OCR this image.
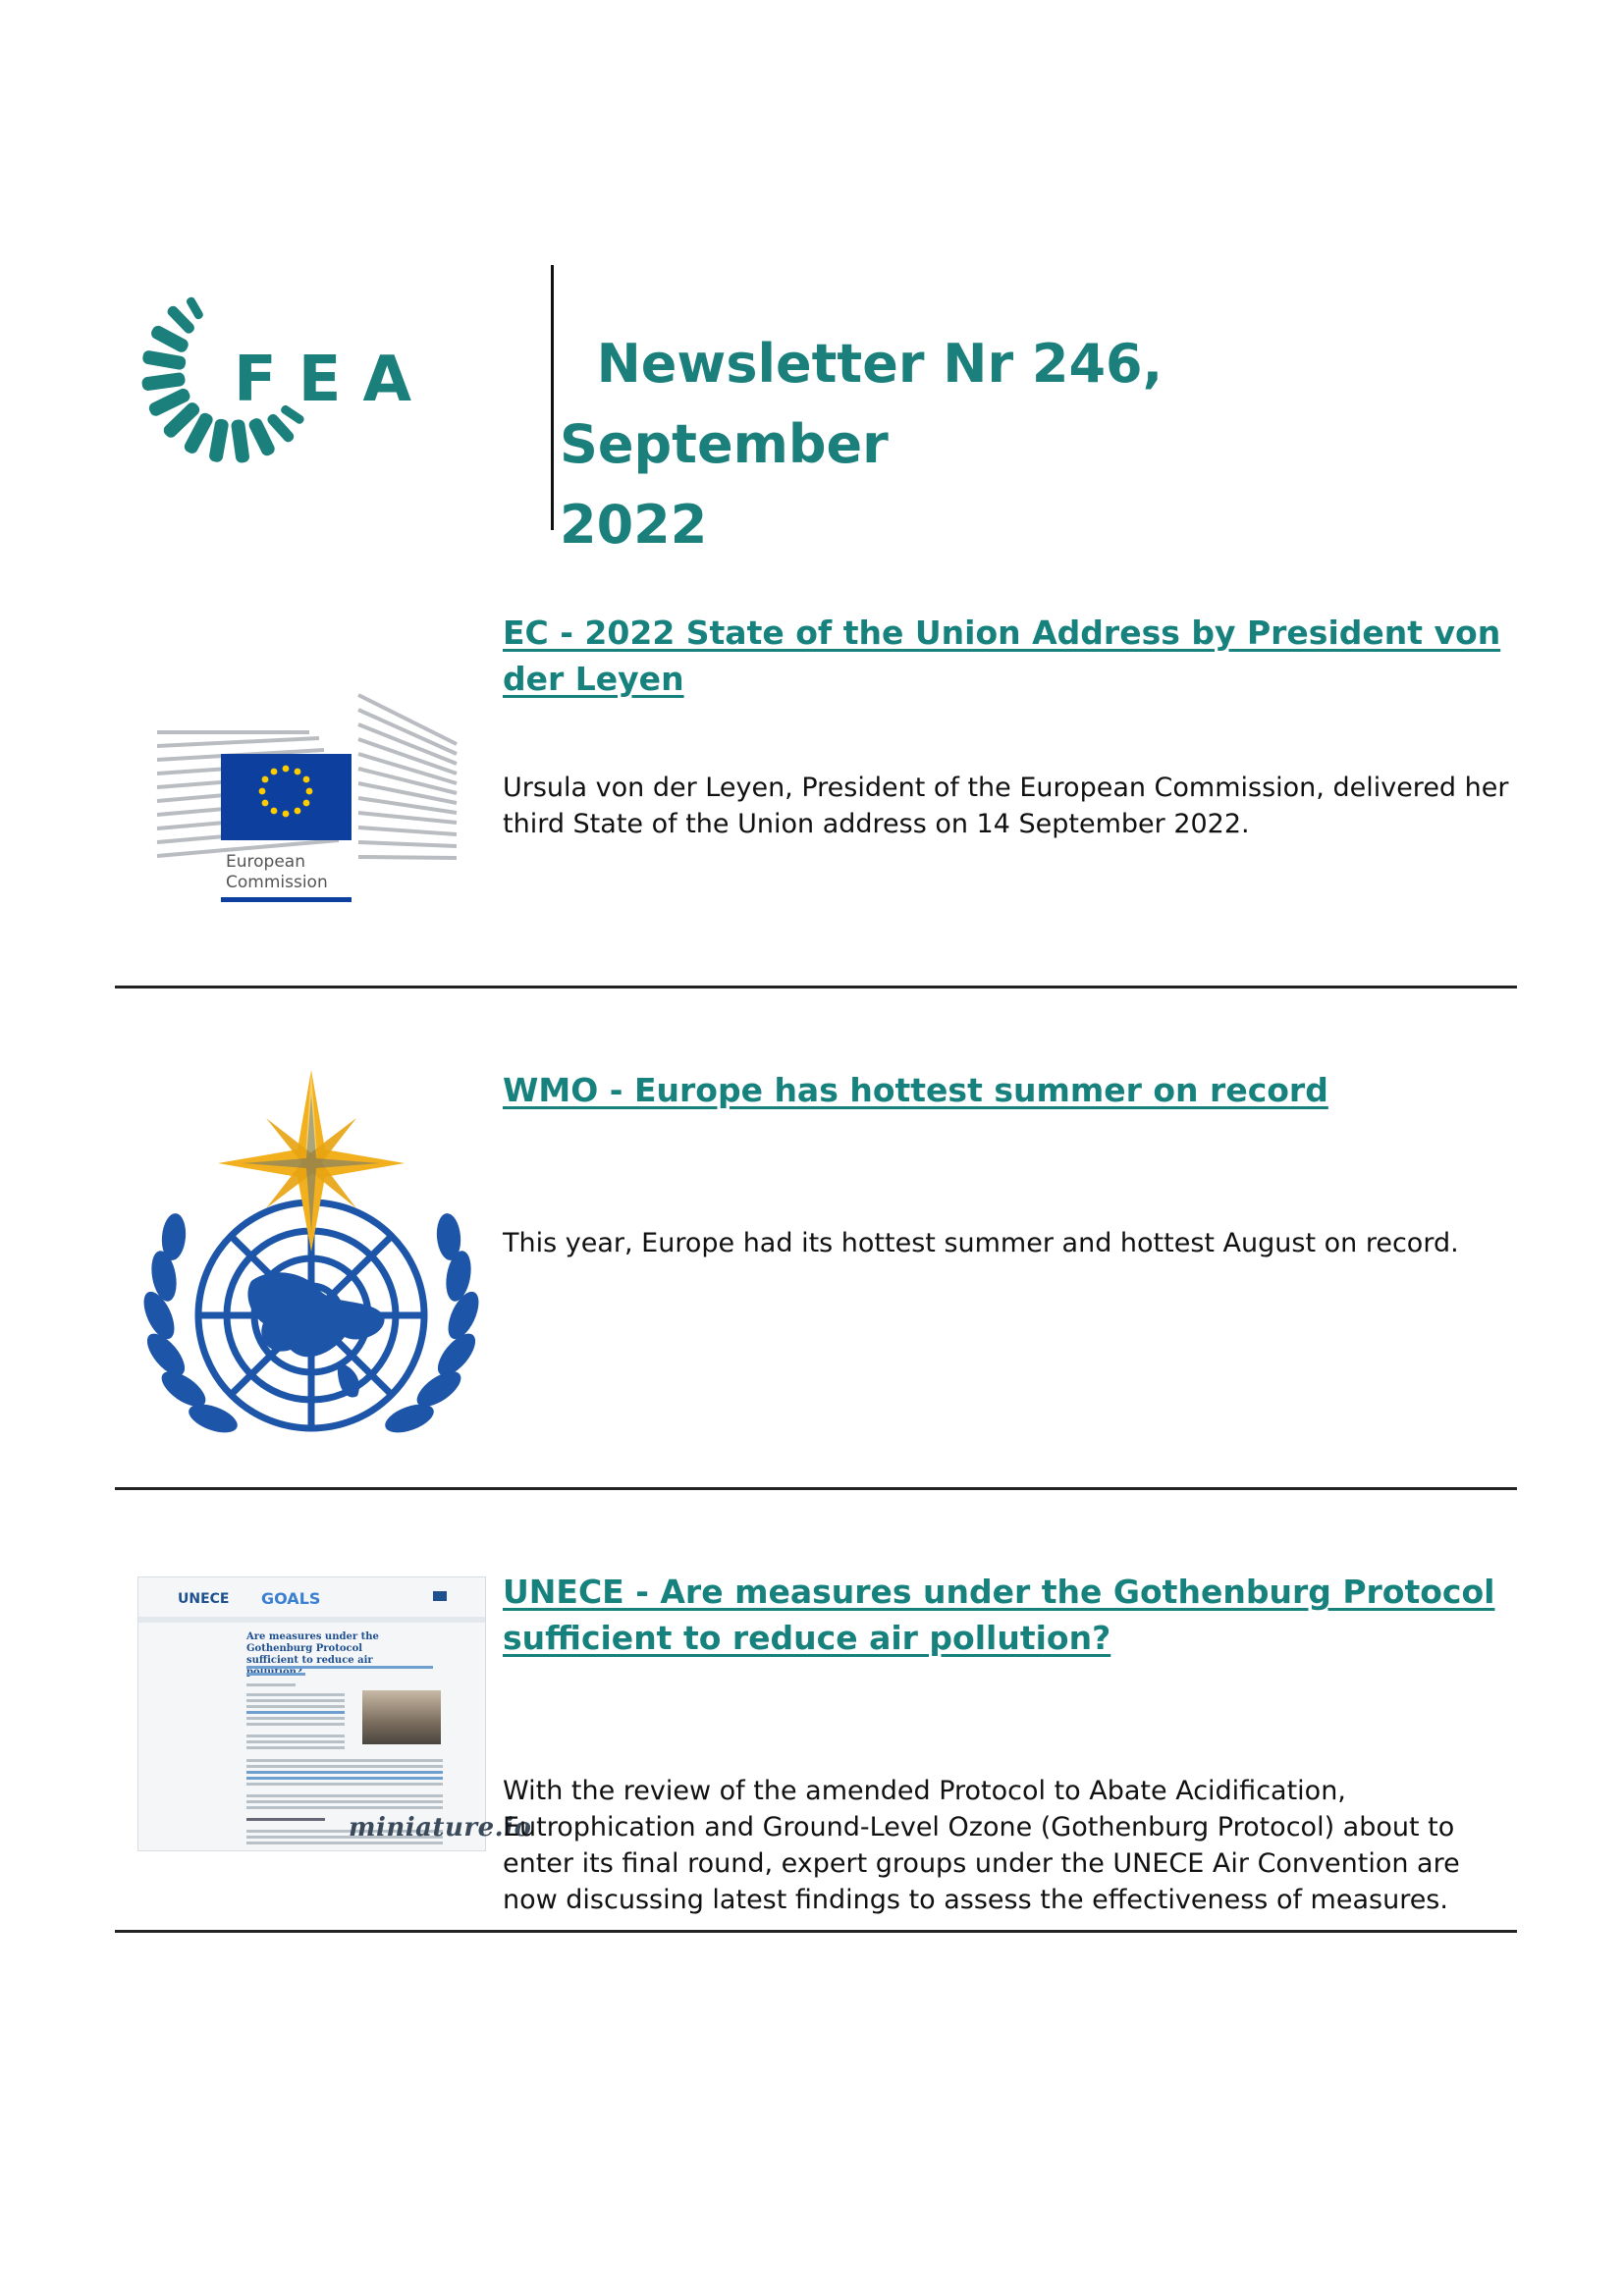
FEA	Newsletter Nr 246, September
2022
European
Commission
EC - 2022 State of the Union Address by President von der Leyen
Ursula von der Leyen, President of the European Commission, delivered her third State of the Union address on 14 September 2022.
WMO - Europe has hottest summer on record
This year, Europe had its hottest summer and hottest August on record.
UNECE GOALS
Are measures under the Gothenburg Protocol sufficient to reduce air
miniature.io
UNECE - Are measures under the Gothenburg Protocol sufficient to reduce air pollution?
With the review of the amended Protocol to Abate Acidification, Eutrophication and Ground-Level Ozone (Gothenburg Protocol) about to enter its final round, expert groups under the UNECE Air Convention are now discussing latest findings to assess the effectiveness of measures.
